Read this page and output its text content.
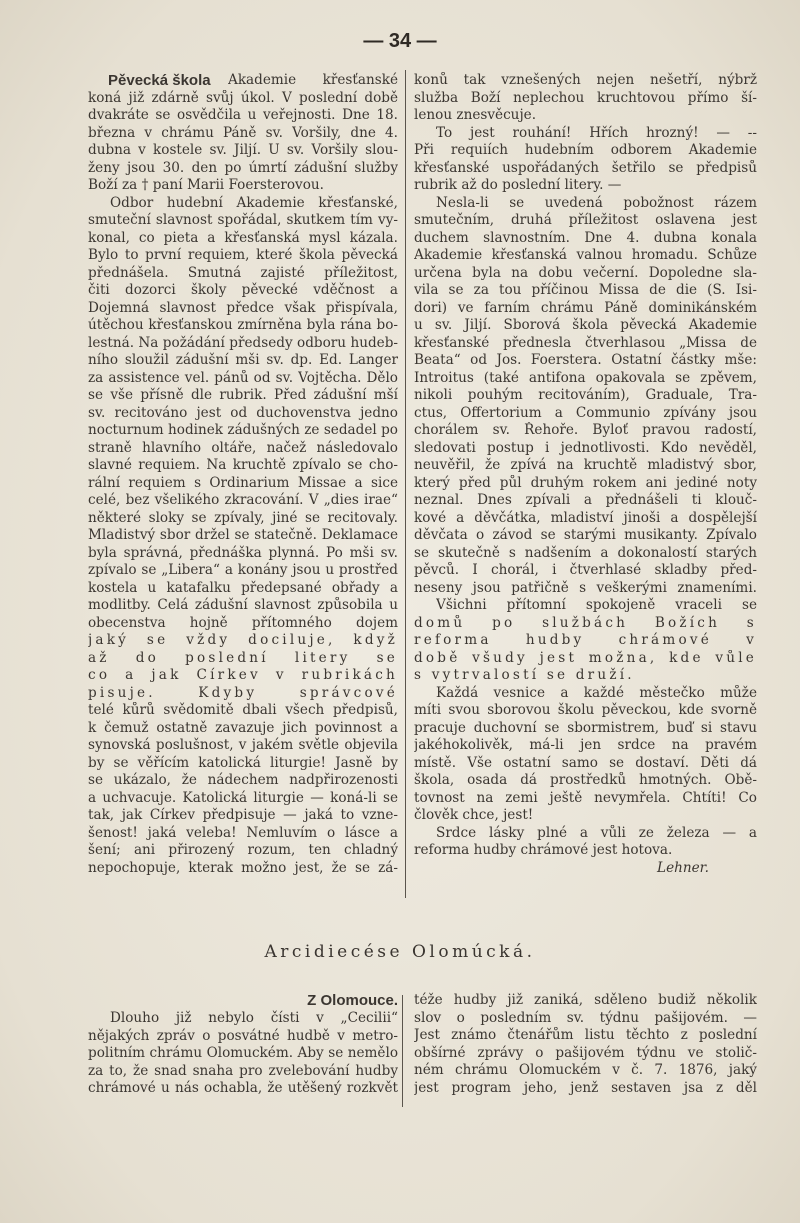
— 34 —
Arcidiecése Olomúcká.
Z Olomouce.
Pěvecká škola Akademie křesťanské
koná již zdárně svůj úkol. V poslední době
dvakráte se osvědčila u veřejnosti. Dne 18.
března v chrámu Páně sv. Voršily, dne 4.
dubna v kostele sv. Jiljí. U sv. Voršily slou-
ženy jsou 30. den po úmrtí zádušní služby
Boží za † paní Marii Foersterovou.
Odbor hudební Akademie křesťanské,
smuteční slavnost spořádal, skutkem tím vy-
konal, co pieta a křesťanská mysl kázala.
Bylo to první requiem, které škola pěvecká
přednášela. Smutná zajisté příležitost,
čiti dozorci školy pěvecké vděčnost a
Dojemná slavnost předce však přispívala,
útěchou křesťanskou zmírněna byla rána bo-
lestná. Na požádání předsedy odboru hudeb-
ního sloužil zádušní mši sv. dp. Ed. Langer
za assistence vel. pánů od sv. Vojtěcha. Dělo
se vše přísně dle rubrik. Před zádušní mší
sv. recitováno jest od duchovenstva jedno
nocturnum hodinek zádušných ze sedadel po
straně hlavního oltáře, načež následovalo
slavné requiem. Na kruchtě zpívalo se cho-
rální requiem s Ordinarium Missae a sice
celé, bez všelikého zkracování. V „dies irae“
některé sloky se zpívaly, jiné se recitovaly.
Mladistvý sbor držel se statečně. Deklamace
byla správná, přednáška plynná. Po mši sv.
zpívalo se „Libera“ a konány jsou u prostřed
kostela u katafalku předepsané obřady a
modlitby. Celá zádušní slavnost způsobila u
obecenstva hojně přítomného dojem
jaký se vždy dociluje, když
až do poslední litery se
co a jak Církev v rubrikách
pisuje. Kdyby správcové
telé kůrů svědomitě dbali všech předpisů,
k čemuž ostatně zavazuje jich povinnost a
synovská poslušnost, v jakém světle objevila
by se věřícím katolická liturgie! Jasně by
se ukázalo, že nádechem nadpřirozenosti
a uchvacuje. Katolická liturgie — koná-li se
tak, jak Církev předpisuje — jaká to vzne-
šenost! jaká veleba! Nemluvím o lásce a
šení; ani přirozený rozum, ten chladný
nepochopuje, kterak možno jest, že se zá-
konů tak vznešených nejen nešetří, nýbrž
služba Boží neplechou kruchtovou přímo ší-
lenou znesvěcuje.
To jest rouhání! Hřích hrozný! — --
Při requiích hudebním odborem Akademie
křesťanské uspořádaných šetřilo se předpisů
rubrik až do poslední litery. —
Nesla-li se uvedená pobožnost rázem
smutečním, druhá příležitost oslavena jest
duchem slavnostním. Dne 4. dubna konala
Akademie křesťanská valnou hromadu. Schůze
určena byla na dobu večerní. Dopoledne sla-
vila se za tou příčinou Missa de die (S. Isi-
dori) ve farním chrámu Páně dominikánském
u sv. Jiljí. Sborová škola pěvecká Akademie
křesťanské přednesla čtverhlasou „Missa de
Beata“ od Jos. Foerstera. Ostatní částky mše:
Introitus (také antifona opakovala se zpěvem,
nikoli pouhým recitováním), Graduale, Tra-
ctus, Offertorium a Communio zpívány jsou
chorálem sv. Řehoře. Byloť pravou radostí,
sledovati postup i jednotlivosti. Kdo nevěděl,
neuvěřil, že zpívá na kruchtě mladistvý sbor,
který před půl druhým rokem ani jediné noty
neznal. Dnes zpívali a přednášeli ti klouč-
kové a děvčátka, mladiství jinoši a dospělejší
děvčata o závod se starými musikanty. Zpívalo
se skutečně s nadšením a dokonalostí starých
pěvců. I chorál, i čtverhlasé skladby před-
neseny jsou patřičně s veškerými znameními.
Všichni přítomní spokojeně vraceli se
domů po službách Božích s
reforma hudby chrámové v
době všudy jest možna, kde vůle
s vytrvalostí se druží.
Každá vesnice a každé městečko může
míti svou sborovou školu pěveckou, kde svorně
pracuje duchovní se sbormistrem, buď si stavu
jakéhokolivěk, má-li jen srdce na pravém
místě. Vše ostatní samo se dostaví. Děti dá
škola, osada dá prostředků hmotných. Obě-
tovnost na zemi ještě nevymřela. Chtíti! Co
člověk chce, jest!
Srdce lásky plné a vůli ze železa — a
reforma hudby chrámové jest hotova.
Lehner.
Dlouho již nebylo čísti v „Cecilii“
nějakých zpráv o posvátné hudbě v metro-
politním chrámu Olomuckém. Aby se nemělo
za to, že snad snaha pro zvelebování hudby
chrámové u nás ochabla, že utěšený rozkvět
téže hudby již zaniká, sděleno budiž několik
slov o posledním sv. týdnu pašijovém. —
Jest známo čtenářům listu těchto z poslední
obšírné zprávy o pašijovém týdnu ve stolič-
ném chrámu Olomuckém v č. 7. 1876, jaký
jest program jeho, jenž sestaven jsa z děl
